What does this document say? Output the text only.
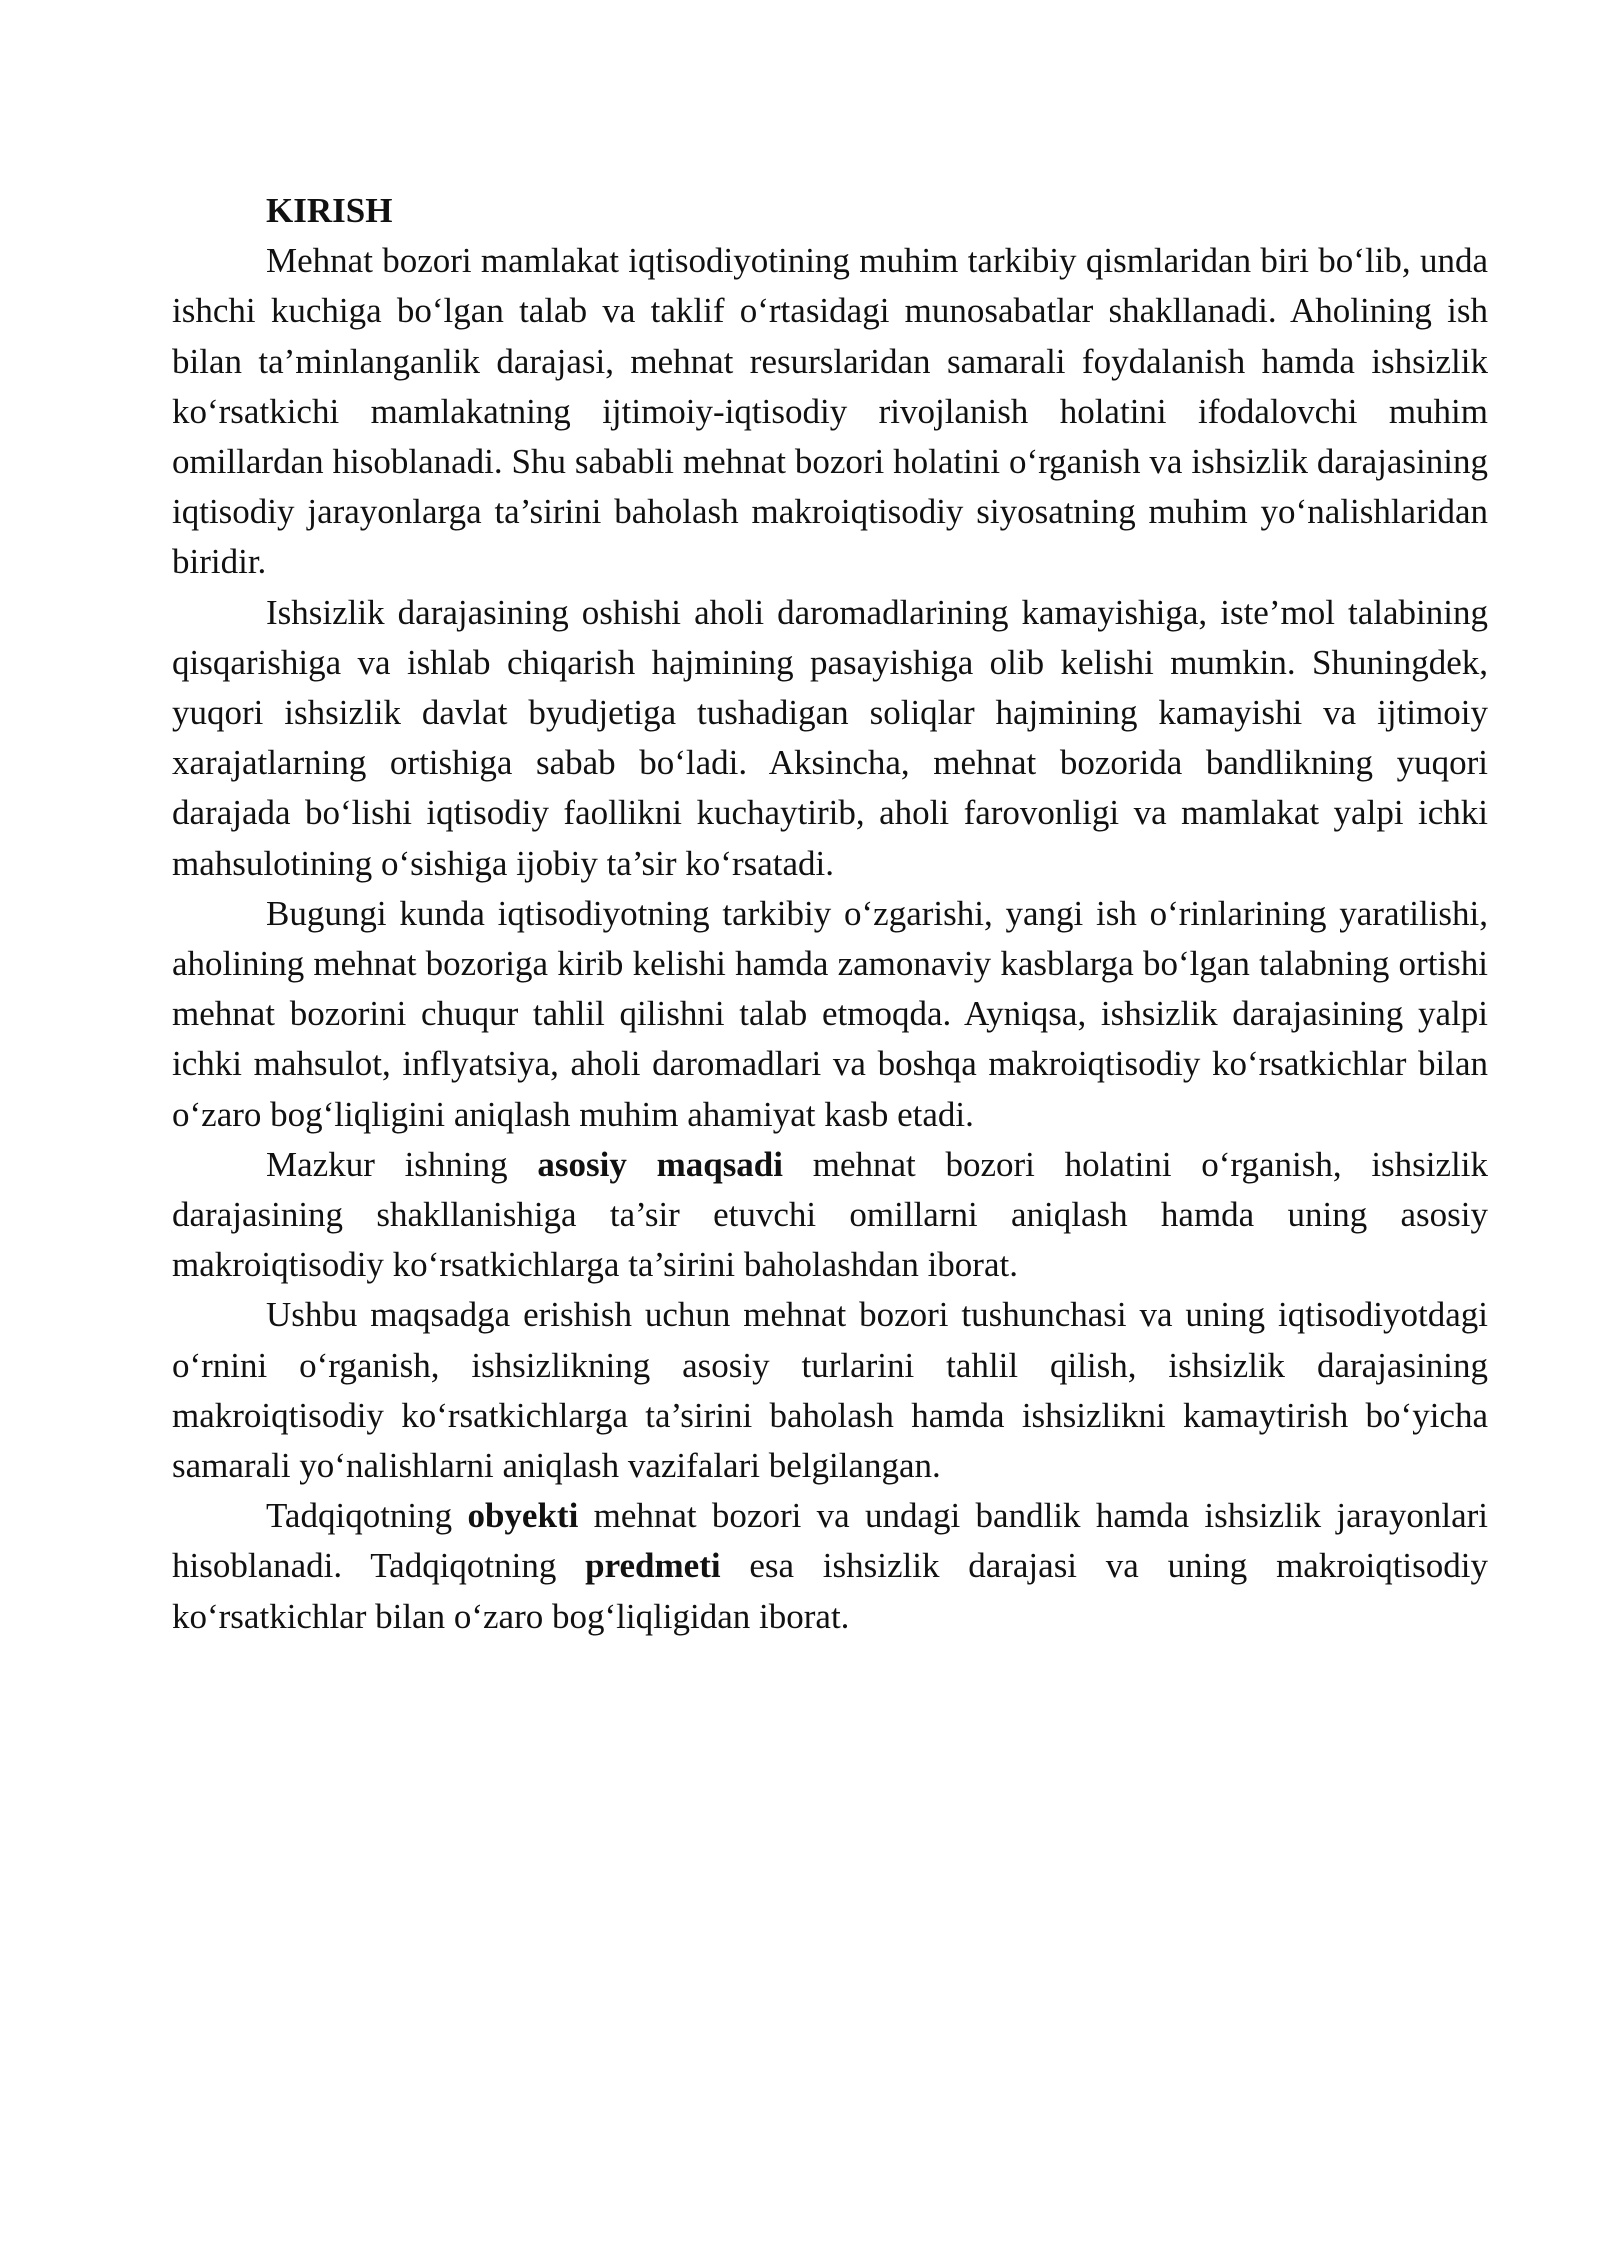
KIRISH

Mehnat bozori mamlakat iqtisodiyotining muhim tarkibiy qismlaridan biri bo‘lib, unda ishchi kuchiga bo‘lgan talab va taklif o‘rtasidagi munosabatlar shakllanadi. Aholining ish bilan ta’minlanganlik darajasi, mehnat resurslaridan samarali foydalanish hamda ishsizlik ko‘rsatkichi mamlakatning ijtimoiy-iqtisodiy rivojlanish holatini ifodalovchi muhim omillardan hisoblanadi. Shu sababli mehnat bozori holatini o‘rganish va ishsizlik darajasining iqtisodiy jarayonlarga ta’sirini baholash makroiqtisodiy siyosatning muhim yo‘nalishlaridan biridir.

Ishsizlik darajasining oshishi aholi daromadlarining kamayishiga, iste’mol talabining qisqarishiga va ishlab chiqarish hajmining pasayishiga olib kelishi mumkin. Shuningdek, yuqori ishsizlik davlat byudjetiga tushadigan soliqlar hajmining kamayishi va ijtimoiy xarajatlarning ortishiga sabab bo‘ladi. Aksincha, mehnat bozorida bandlikning yuqori darajada bo‘lishi iqtisodiy faollikni kuchaytirib, aholi farovonligi va mamlakat yalpi ichki mahsulotining o‘sishiga ijobiy ta’sir ko‘rsatadi.

Bugungi kunda iqtisodiyotning tarkibiy o‘zgarishi, yangi ish o‘rinlarining yaratilishi, aholining mehnat bozoriga kirib kelishi hamda zamonaviy kasblarga bo‘lgan talabning ortishi mehnat bozorini chuqur tahlil qilishni talab etmoqda. Ayniqsa, ishsizlik darajasining yalpi ichki mahsulot, inflyatsiya, aholi daromadlari va boshqa makroiqtisodiy ko‘rsatkichlar bilan o‘zaro bog‘liqligini aniqlash muhim ahamiyat kasb etadi.

Mazkur ishning asosiy maqsadi mehnat bozori holatini o‘rganish, ishsizlik darajasining shakllanishiga ta’sir etuvchi omillarni aniqlash hamda uning asosiy makroiqtisodiy ko‘rsatkichlarga ta’sirini baholashdan iborat.

Ushbu maqsadga erishish uchun mehnat bozori tushunchasi va uning iqtisodiyotdagi o‘rnini o‘rganish, ishsizlikning asosiy turlarini tahlil qilish, ishsizlik darajasining makroiqtisodiy ko‘rsatkichlarga ta’sirini baholash hamda ishsizlikni kamaytirish bo‘yicha samarali yo‘nalishlarni aniqlash vazifalari belgilangan.

Tadqiqotning obyekti mehnat bozori va undagi bandlik hamda ishsizlik jarayonlari hisoblanadi. Tadqiqotning predmeti esa ishsizlik darajasi va uning makroiqtisodiy ko‘rsatkichlar bilan o‘zaro bog‘liqligidan iborat.
